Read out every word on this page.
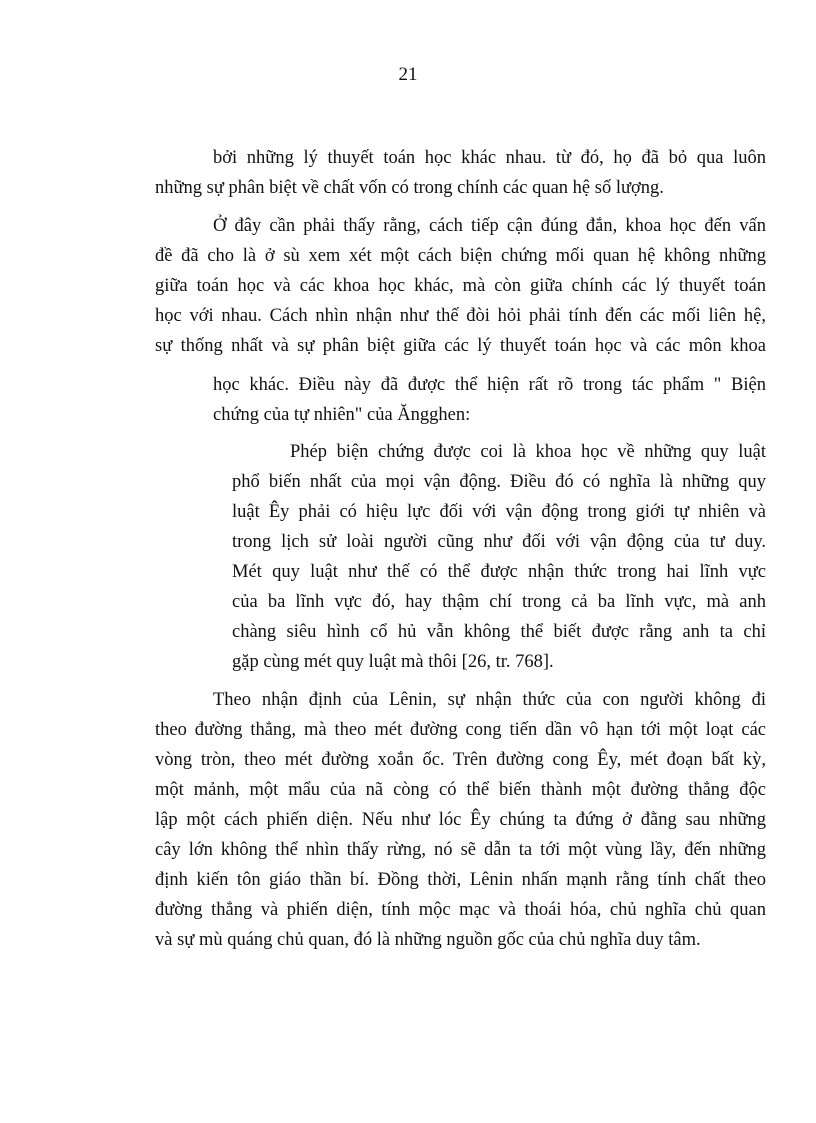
21
bởi những lý thuyết toán học khác nhau. từ đó, họ đã bỏ qua luôn
những sự phân biệt về chất vốn có trong chính các quan hệ số lượng.
Ở đây cần phải thấy rằng, cách tiếp cận đúng đắn, khoa học đến vấn
đề đã cho là ở sù xem xét một cách biện chứng mối quan hệ không những
giữa toán học và các khoa học khác, mà còn giữa chính các lý thuyết toán
học với nhau. Cách nhìn nhận như thế đòi hỏi phải tính đến các mối liên hệ,
sự thống nhất và sự phân biệt giữa các lý thuyết toán học và các môn khoa
học khác. Điều này đã được thể hiện rất rõ trong tác phẩm " Biện
chứng của tự nhiên" của Ăngghen:
Phép biện chứng được coi là khoa học về những quy luật
phổ biến nhất của mọi vận động. Điều đó có nghĩa là những quy
luật Êy phải có hiệu lực đối với vận động trong giới tự nhiên và
trong lịch sử loài người cũng như đối với vận động của tư duy.
Mét quy luật như thế có thể được nhận thức trong hai lĩnh vực
của ba lĩnh vực đó, hay thậm chí trong cả ba lĩnh vực, mà anh
chàng siêu hình cổ hủ vẫn không thể biết được rằng anh ta chỉ
gặp cùng mét quy luật mà thôi [26, tr. 768].
Theo nhận định của Lênin, sự nhận thức của con người không đi
theo đường thẳng, mà theo mét đường cong tiến dần vô hạn tới một loạt các
vòng tròn, theo mét đường xoắn ốc. Trên đường cong Êy, mét đoạn bất kỳ,
một mảnh, một mẩu của nã còng có thể biến thành một đường thẳng độc
lập một cách phiến diện. Nếu như lóc Êy chúng ta đứng ở đằng sau những
cây lớn không thể nhìn thấy rừng, nó sẽ dẫn ta tới một vùng lầy, đến những
định kiến tôn giáo thần bí. Đồng thời, Lênin nhấn mạnh rằng tính chất theo
đường thẳng và phiến diện, tính mộc mạc và thoái hóa, chủ nghĩa chủ quan
và sự mù quáng chủ quan, đó là những nguồn gốc của chủ nghĩa duy tâm.
